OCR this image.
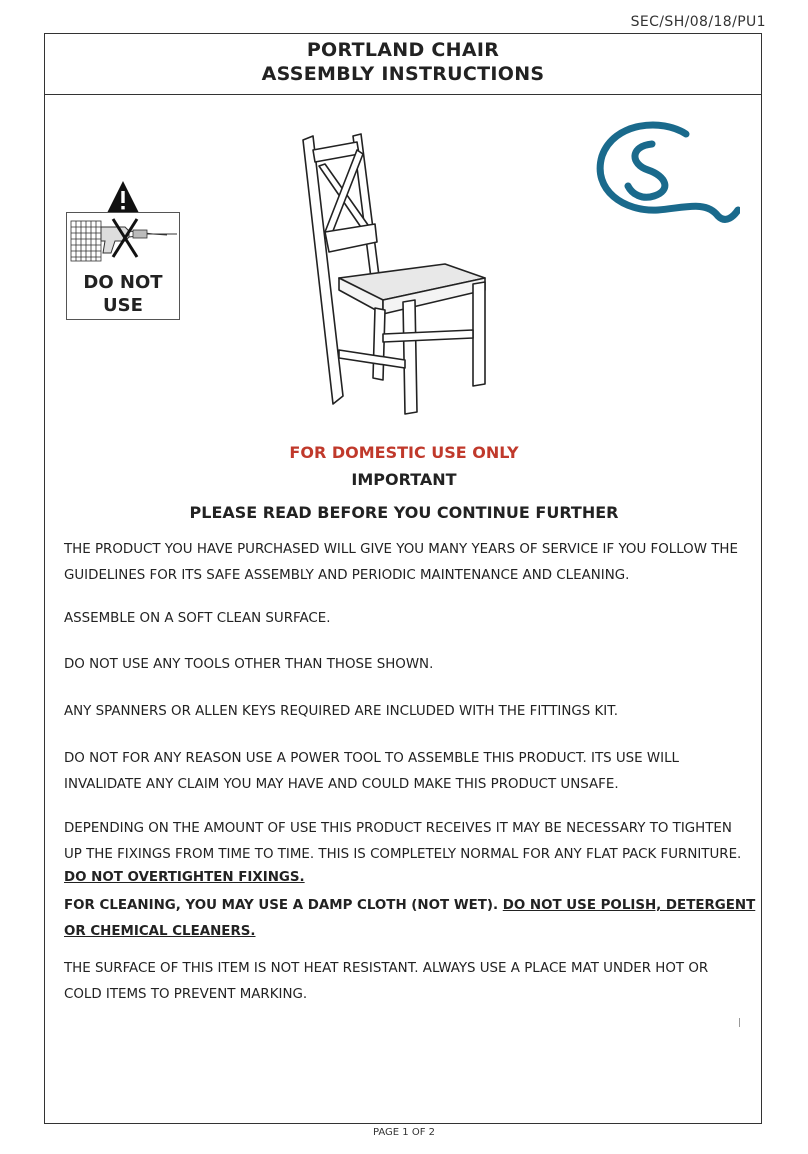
SEC/SH/08/18/PU1
PORTLAND CHAIR
ASSEMBLY INSTRUCTIONS
DO NOT
USE
FOR DOMESTIC USE ONLY
IMPORTANT
PLEASE READ BEFORE YOU CONTINUE FURTHER
THE PRODUCT YOU HAVE PURCHASED WILL GIVE YOU MANY YEARS OF SERVICE IF YOU FOLLOW THE
GUIDELINES FOR ITS SAFE ASSEMBLY AND PERIODIC MAINTENANCE AND CLEANING.
ASSEMBLE ON A SOFT CLEAN SURFACE.
DO NOT USE ANY TOOLS OTHER THAN THOSE SHOWN.
ANY SPANNERS OR ALLEN KEYS REQUIRED ARE INCLUDED WITH THE FITTINGS KIT.
DO NOT FOR ANY REASON USE A POWER TOOL TO ASSEMBLE THIS PRODUCT. ITS USE WILL
INVALIDATE ANY CLAIM YOU MAY HAVE AND COULD MAKE THIS PRODUCT UNSAFE.
DEPENDING ON THE AMOUNT OF USE THIS PRODUCT RECEIVES IT MAY BE NECESSARY TO TIGHTEN
UP THE FIXINGS FROM TIME TO TIME. THIS IS COMPLETELY NORMAL FOR ANY FLAT PACK FURNITURE.
DO NOT OVERTIGHTEN FIXINGS.
FOR CLEANING, YOU MAY USE A DAMP CLOTH (NOT WET). DO NOT USE POLISH, DETERGENT
OR CHEMICAL CLEANERS.
THE SURFACE OF THIS ITEM IS NOT HEAT RESISTANT. ALWAYS USE A PLACE MAT UNDER HOT OR
COLD ITEMS TO PREVENT MARKING.
PAGE 1 OF 2
